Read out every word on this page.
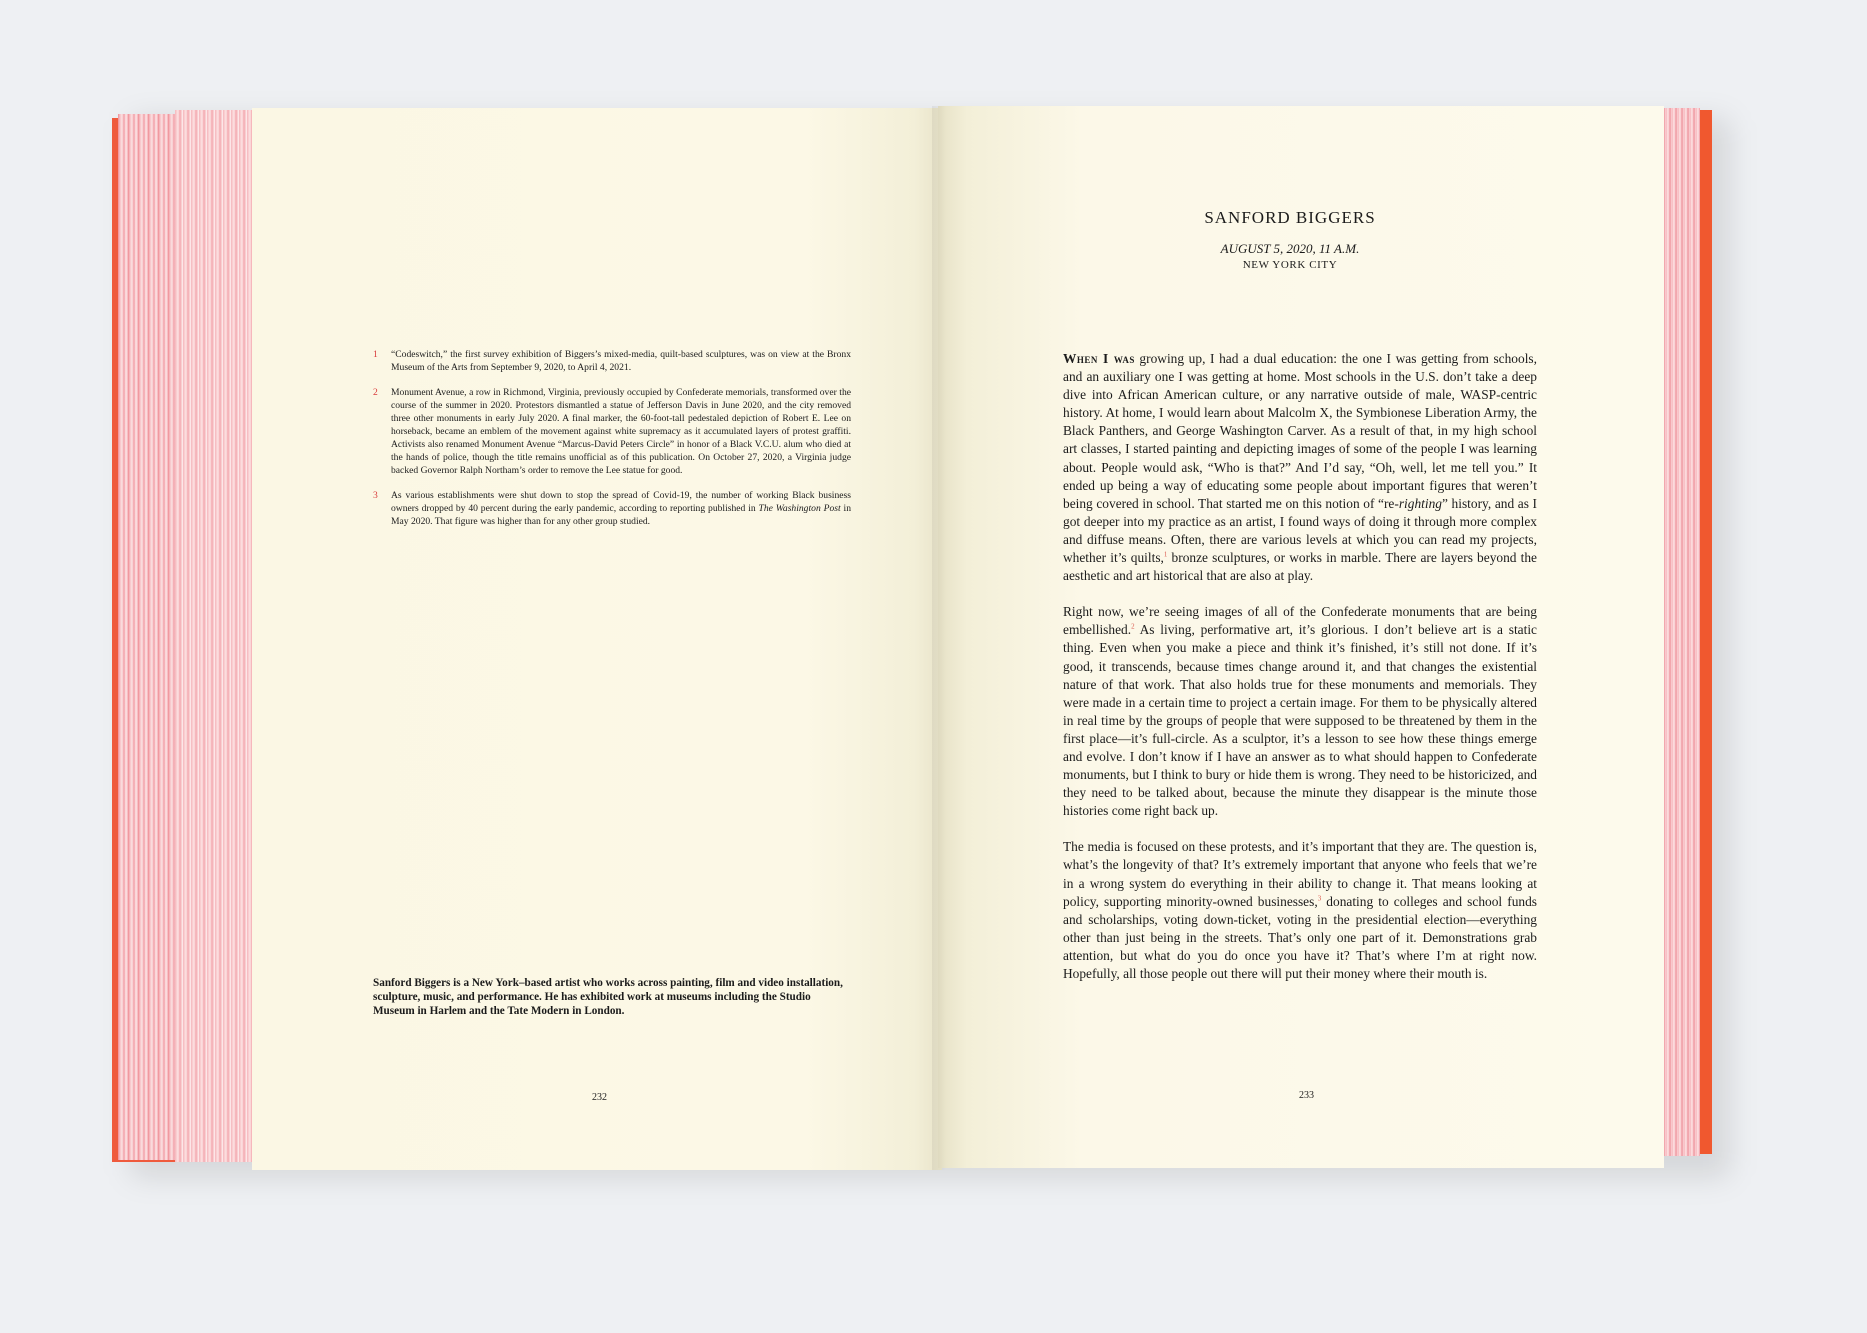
1 “Codeswitch,” the first survey exhibition of Biggers’s mixed-media, quilt-based sculptures, was on view at the Bronx Museum of the Arts from September 9, 2020, to April 4, 2021.
2 Monument Avenue, a row in Richmond, Virginia, previously occupied by Confederate memorials, transformed over the course of the summer in 2020. Protestors dismantled a statue of Jefferson Davis in June 2020, and the city removed three other monuments in early July 2020. A final marker, the 60-foot-tall pedestaled depiction of Robert E. Lee on horseback, became an emblem of the movement against white supremacy as it accumulated layers of protest graffiti. Activists also renamed Monument Avenue “Marcus-David Peters Circle” in honor of a Black V.C.U. alum who died at the hands of police, though the title remains unofficial as of this publication. On October 27, 2020, a Virginia judge backed Governor Ralph Northam’s order to remove the Lee statue for good.
3 As various establishments were shut down to stop the spread of Covid-19, the number of working Black business owners dropped by 40 percent during the early pandemic, according to reporting published in The Washington Post in May 2020. That figure was higher than for any other group studied.
Sanford Biggers is a New York–based artist who works across painting, film and video installation, sculpture, music, and performance. He has exhibited work at museums including the Studio Museum in Harlem and the Tate Modern in London.
232
SANFORD BIGGERS
AUGUST 5, 2020, 11 A.M.
NEW YORK CITY

When I was growing up, I had a dual education: the one I was getting from schools, and an auxiliary one I was getting at home. Most schools in the U.S. don’t take a deep dive into African American culture, or any narrative outside of male, WASP-centric history. At home, I would learn about Malcolm X, the Symbionese Liberation Army, the Black Panthers, and George Washington Carver. As a result of that, in my high school art classes, I started painting and depicting images of some of the people I was learning about. People would ask, “Who is that?” And I’d say, “Oh, well, let me tell you.” It ended up being a way of educating some people about important figures that weren’t being covered in school. That started me on this notion of “re-righting” history, and as I got deeper into my practice as an artist, I found ways of doing it through more complex and diffuse means. Often, there are various levels at which you can read my projects, whether it’s quilts,$^1$ bronze sculptures, or works in marble. There are layers beyond the aesthetic and art historical that are also at play.

Right now, we’re seeing images of all of the Confederate monuments that are being embellished.$^2$ As living, performative art, it’s glorious. I don’t believe art is a static thing. Even when you make a piece and think it’s finished, it’s still not done. If it’s good, it transcends, because times change around it, and that changes the existential nature of that work. That also holds true for these monuments and memorials. They were made in a certain time to project a certain image. For them to be physically altered in real time by the groups of people that were supposed to be threatened by them in the first place—it’s full-circle. As a sculptor, it’s a lesson to see how these things emerge and evolve. I don’t know if I have an answer as to what should happen to Confederate monuments, but I think to bury or hide them is wrong. They need to be historicized, and they need to be talked about, because the minute they disappear is the minute those histories come right back up.

The media is focused on these protests, and it’s important that they are. The question is, what’s the longevity of that? It’s extremely important that anyone who feels that we’re in a wrong system do everything in their ability to change it. That means looking at policy, supporting minority-owned businesses,$^3$ donating to colleges and school funds and scholarships, voting down-ticket, voting in the presidential election—everything other than just being in the streets. That’s only one part of it. Demonstrations grab attention, but what do you do once you have it? That’s where I’m at right now. Hopefully, all those people out there will put their money where their mouth is.

233
